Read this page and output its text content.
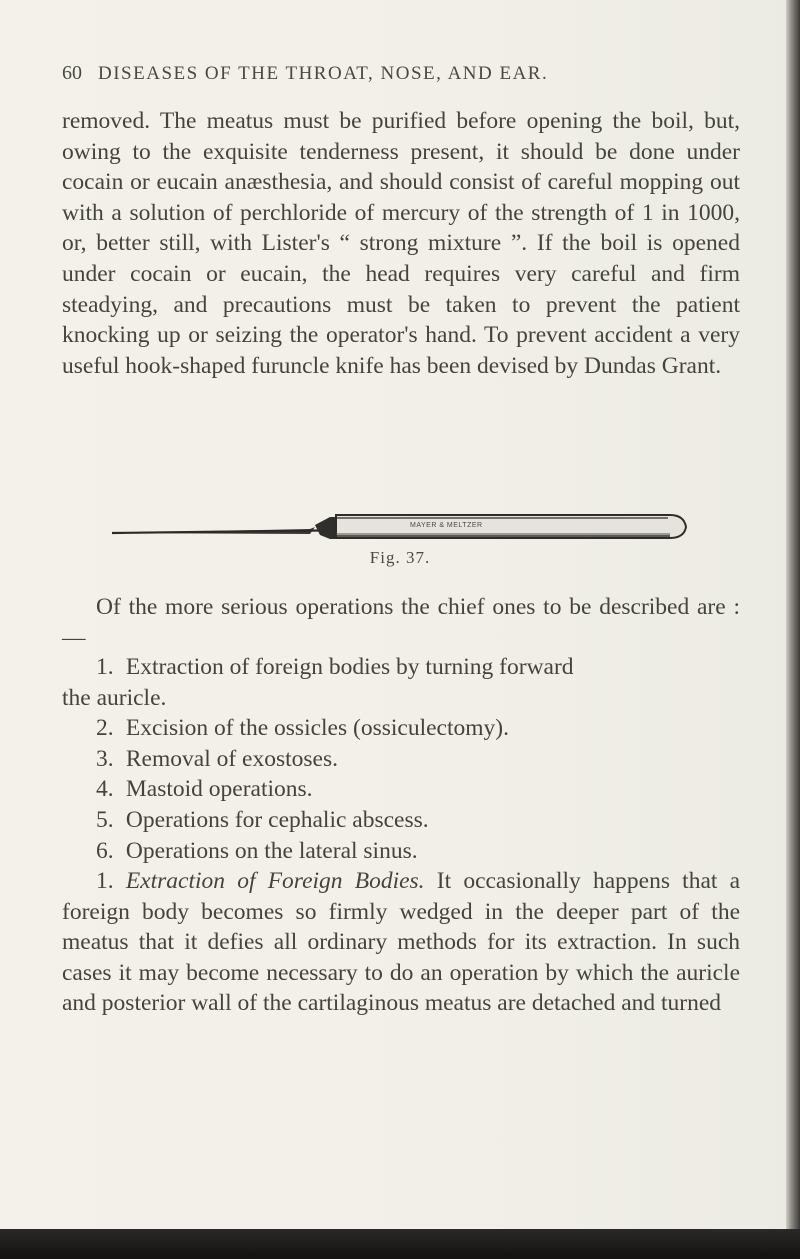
60 DISEASES OF THE THROAT, NOSE, AND EAR.
removed. The meatus must be purified before opening the boil, but, owing to the exquisite tenderness present, it should be done under cocain or eucain anæsthesia, and should consist of careful mopping out with a solution of perchloride of mercury of the strength of 1 in 1000, or, better still, with Lister's “ strong mixture ”. If the boil is opened under cocain or eucain, the head requires very careful and firm steadying, and precautions must be taken to prevent the patient knocking up or seizing the operator's hand. To prevent accident a very useful hook-shaped furuncle knife has been devised by Dundas Grant.
MAYER & MELTZER
Fig. 37.
Of the more serious operations the chief ones to be described are :—
1. Extraction of foreign bodies by turning forward
the auricle.
2. Excision of the ossicles (ossiculectomy).
3. Removal of exostoses.
4. Mastoid operations.
5. Operations for cephalic abscess.
6. Operations on the lateral sinus.
1. Extraction of Foreign Bodies. It occasionally happens that a foreign body becomes so firmly wedged in the deeper part of the meatus that it defies all ordinary methods for its extraction. In such cases it may become necessary to do an operation by which the auricle and posterior wall of the cartilaginous meatus are detached and turned
